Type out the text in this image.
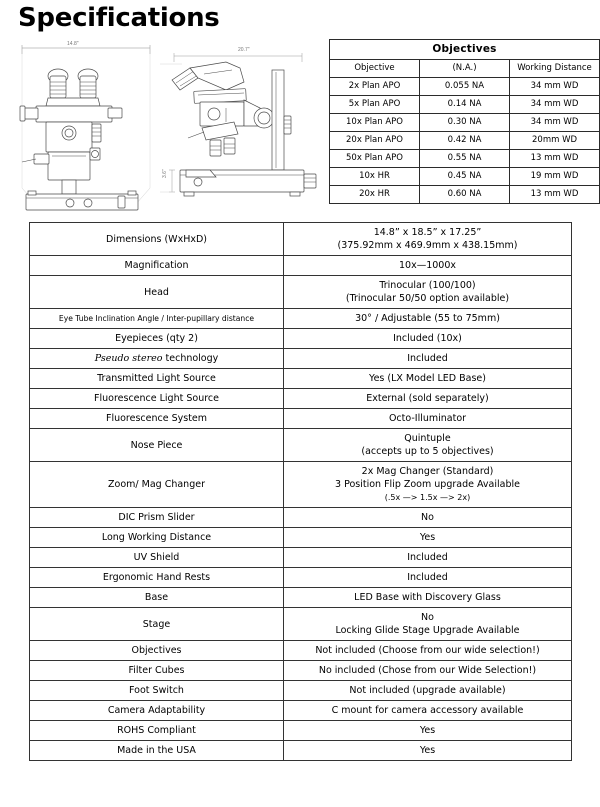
Specifications
14.8"
20.7"
3.6"
Objectives		
Objective	(N.A.)	Working Distance
2x Plan APO	0.055 NA	34 mm WD
5x Plan APO	0.14 NA	34 mm WD
10x Plan APO	0.30 NA	34 mm WD
20x Plan APO	0.42 NA	20mm WD
50x Plan APO	0.55 NA	13 mm WD
10x HR	0.45 NA	19 mm WD
20x HR	0.60 NA	13 mm WD
Dimensions (WxHxD)	14.8” x 18.5” x 17.25”
(375.92mm x 469.9mm x 438.15mm)

Magnification	10x—1000x

Head	Trinocular (100/100)
(Trinocular 50/50 option available)

Eye Tube Inclination Angle / Inter-pupillary distance	30° / Adjustable (55 to 75mm)

Eyepieces (qty 2)	Included (10x)

Pseudo stereo technology	Included

Transmitted Light Source	Yes (LX Model LED Base)

Fluorescence Light Source	External (sold separately)

Fluorescence System	Octo-Illuminator

Nose Piece	Quintuple
(accepts up to 5 objectives)

Zoom/ Mag Changer	2x Mag Changer (Standard)
3 Position Flip Zoom upgrade Available
(.5x —> 1.5x —> 2x)

DIC Prism Slider	No

Long Working Distance	Yes

UV Shield	Included

Ergonomic Hand Rests	Included

Base	LED Base with Discovery Glass

Stage	No
Locking Glide Stage Upgrade Available

Objectives	Not included (Choose from our wide selection!)

Filter Cubes	No included (Chose from our Wide Selection!)

Foot Switch	Not included (upgrade available)

Camera Adaptability	C mount for camera accessory available

ROHS Compliant	Yes

Made in the USA	Yes
